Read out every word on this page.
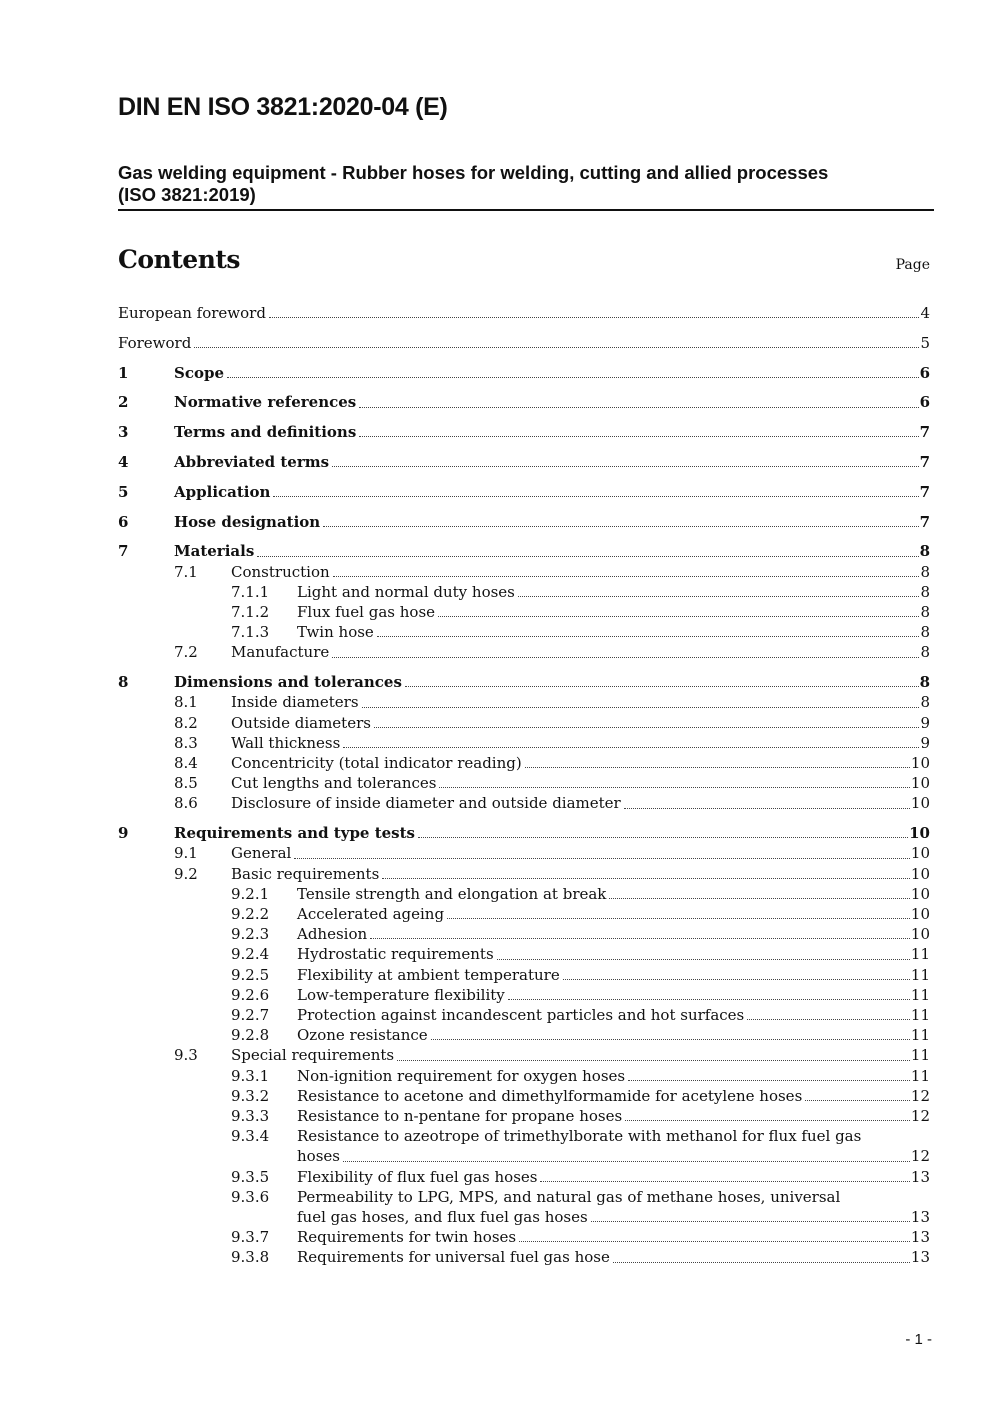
DIN EN ISO 3821:2020-04 (E)
Gas welding equipment - Rubber hoses for welding, cutting and allied processes
(ISO 3821:2019)
Contents	Page
European foreword	4
Foreword	5
1	Scope	6
2	Normative references	6
3	Terms and definitions	7
4	Abbreviated terms	7
5	Application	7
6	Hose designation	7
7	Materials	8
7.1	Construction	8
7.1.1	Light and normal duty hoses	8
7.1.2	Flux fuel gas hose	8
7.1.3	Twin hose	8
7.2	Manufacture	8
8	Dimensions and tolerances	8
8.1	Inside diameters	8
8.2	Outside diameters	9
8.3	Wall thickness	9
8.4	Concentricity (total indicator reading)	10
8.5	Cut lengths and tolerances	10
8.6	Disclosure of inside diameter and outside diameter	10
9	Requirements and type tests	10
9.1	General	10
9.2	Basic requirements	10
9.2.1	Tensile strength and elongation at break	10
9.2.2	Accelerated ageing	10
9.2.3	Adhesion	10
9.2.4	Hydrostatic requirements	11
9.2.5	Flexibility at ambient temperature	11
9.2.6	Low-temperature flexibility	11
9.2.7	Protection against incandescent particles and hot surfaces	11
9.2.8	Ozone resistance	11
9.3	Special requirements	11
9.3.1	Non-ignition requirement for oxygen hoses	11
9.3.2	Resistance to acetone and dimethylformamide for acetylene hoses	12
9.3.3	Resistance to n-pentane for propane hoses	12
9.3.4	Resistance to azeotrope of trimethylborate with methanol for flux fuel gas
hoses	12
9.3.5	Flexibility of flux fuel gas hoses	13
9.3.6	Permeability to LPG, MPS, and natural gas of methane hoses, universal
fuel gas hoses, and flux fuel gas hoses	13
9.3.7	Requirements for twin hoses	13
9.3.8	Requirements for universal fuel gas hose	13
- 1 -
